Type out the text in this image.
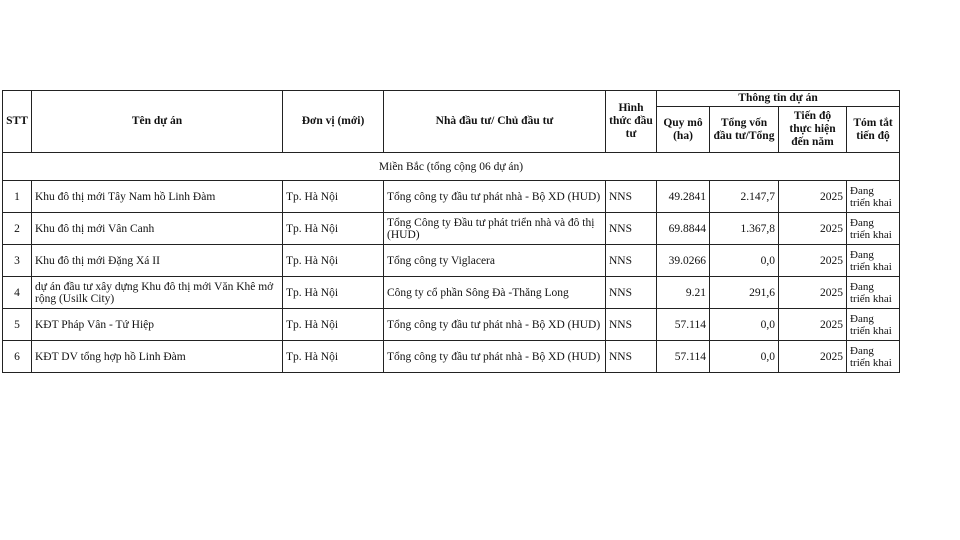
STT	Tên dự án	Đơn vị (mới)	Nhà đầu tư/ Chủ đầu tư	Hình thức đầu tư	Thông tin dự án			
					Quy mô (ha)	Tổng vốn đầu tư/Tổng	Tiến độ thực hiện đến năm	Tóm tắt tiến độ
Miền Bắc (tổng cộng 06 dự án)								
1	Khu đô thị mới Tây Nam hồ Linh Đàm	Tp. Hà Nội	Tổng công ty đầu tư phát nhà - Bộ XD (HUD)	NNS	49.2841	2.147,7	2025	Đang triển khai
2	Khu đô thị mới Vân Canh	Tp. Hà Nội	Tổng Công ty Đầu tư phát triển nhà và đô thị (HUD)	NNS	69.8844	1.367,8	2025	Đang triển khai
3	Khu đô thị mới Đặng Xá II	Tp. Hà Nội	Tổng công ty Viglacera	NNS	39.0266	0,0	2025	Đang triển khai
4	dự án đầu tư xây dựng Khu đô thị mới Văn Khê mở rộng (Usilk City)	Tp. Hà Nội	Công ty cổ phần Sông Đà -Thăng Long	NNS	9.21	291,6	2025	Đang triển khai
5	KĐT Pháp Vân - Tứ Hiệp	Tp. Hà Nội	Tổng công ty đầu tư phát nhà - Bộ XD (HUD)	NNS	57.114	0,0	2025	Đang triển khai
6	KĐT DV tổng hợp hồ Linh Đàm	Tp. Hà Nội	Tổng công ty đầu tư phát nhà - Bộ XD (HUD)	NNS	57.114	0,0	2025	Đang triển khai
